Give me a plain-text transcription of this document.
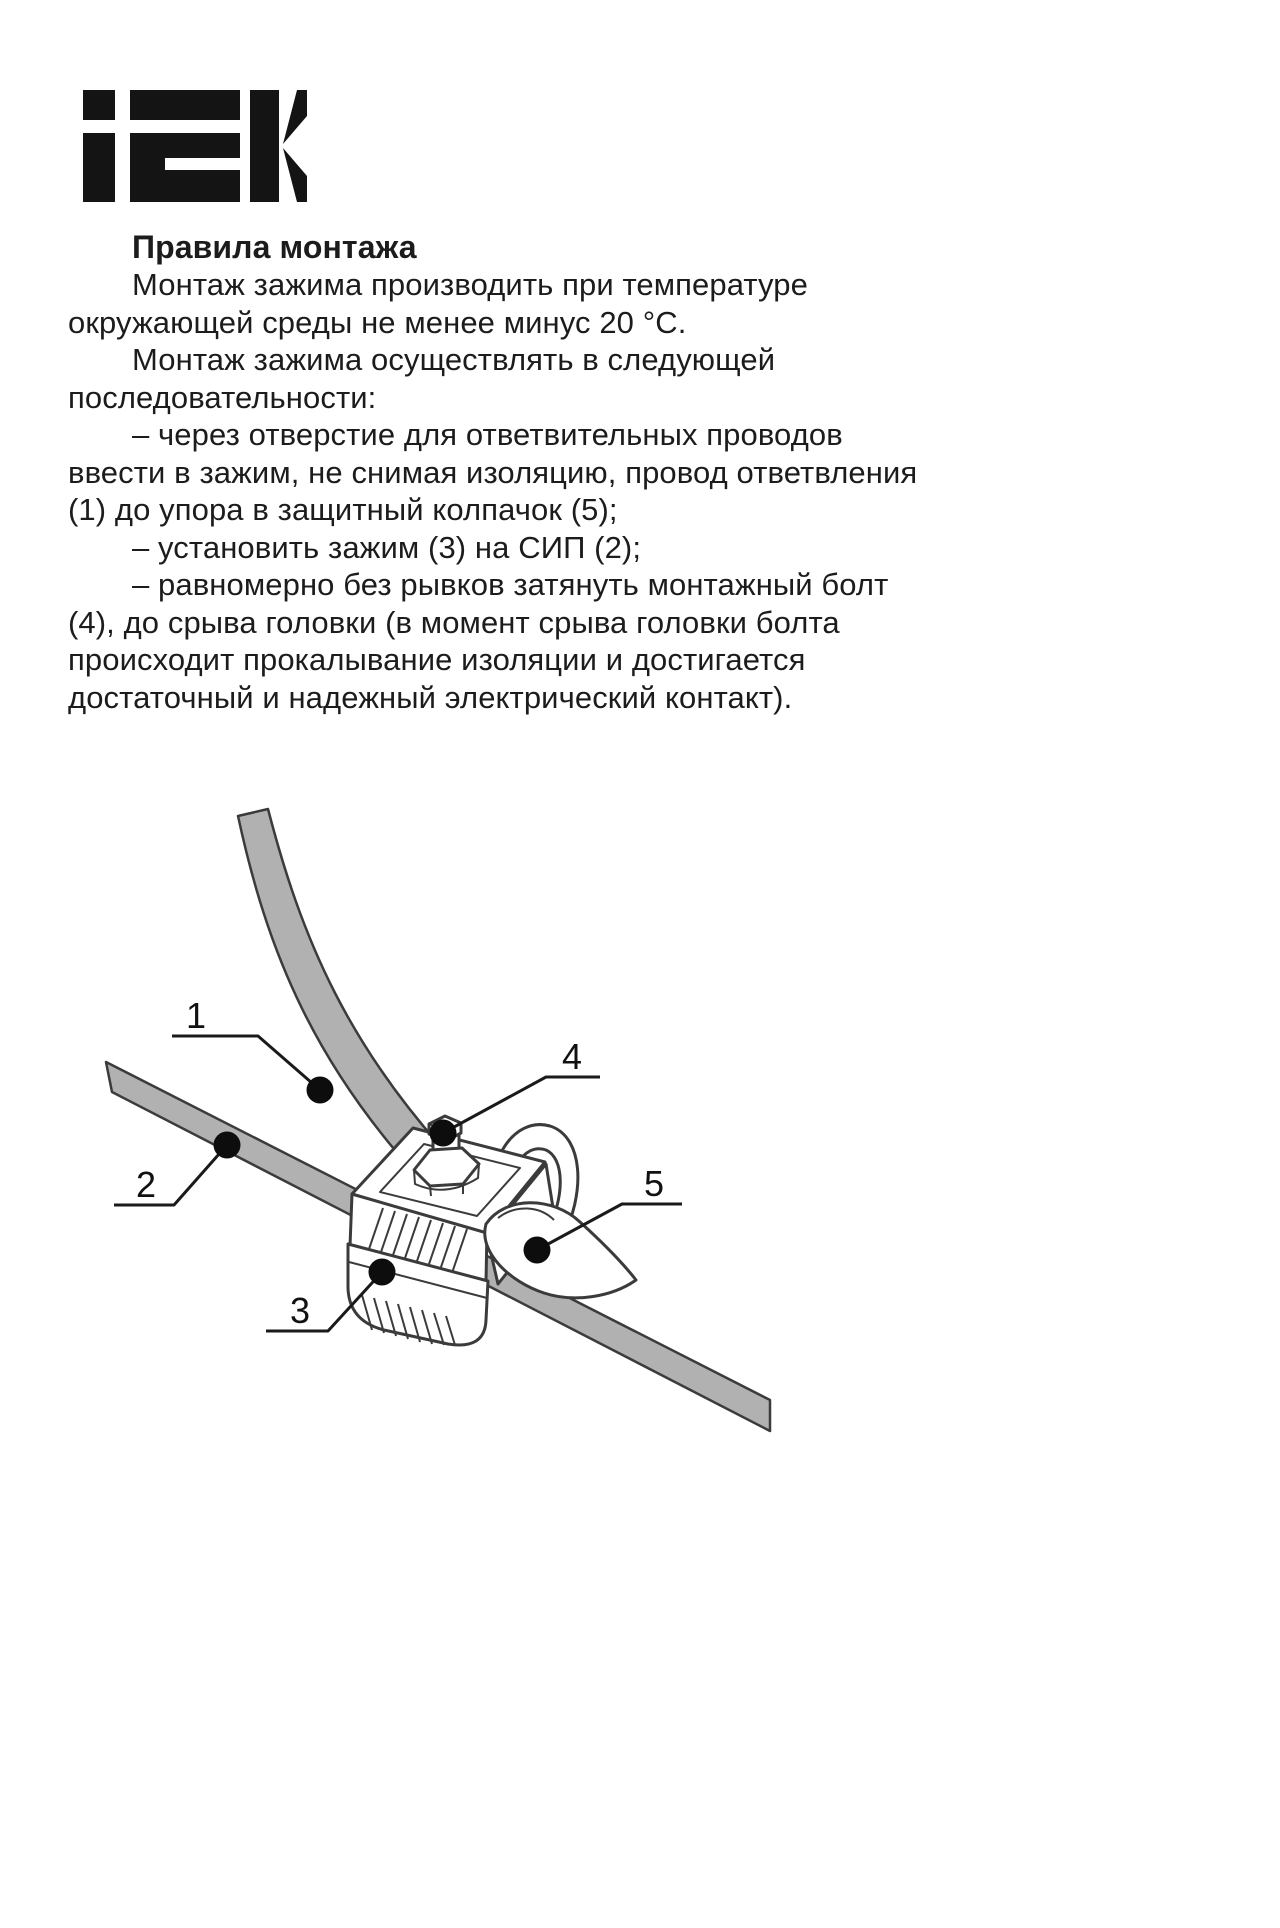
Правила монтажа

Монтаж зажима производить при температуре окружающей среды не менее минус 20 °С.

Монтаж зажима осуществлять в следующей последовательности:

– через отверстие для ответвительных проводов ввести в зажим, не снимая изоляцию, провод ответвления (1) до упора в защитный колпачок (5);

– установить зажим (3) на СИП (2);

– равномерно без рывков затянуть монтажный болт (4), до срыва головки (в момент срыва головки болта происходит прокалывание изоляции и достигается достаточный и надежный электрический контакт).

1
2
3
4
5
